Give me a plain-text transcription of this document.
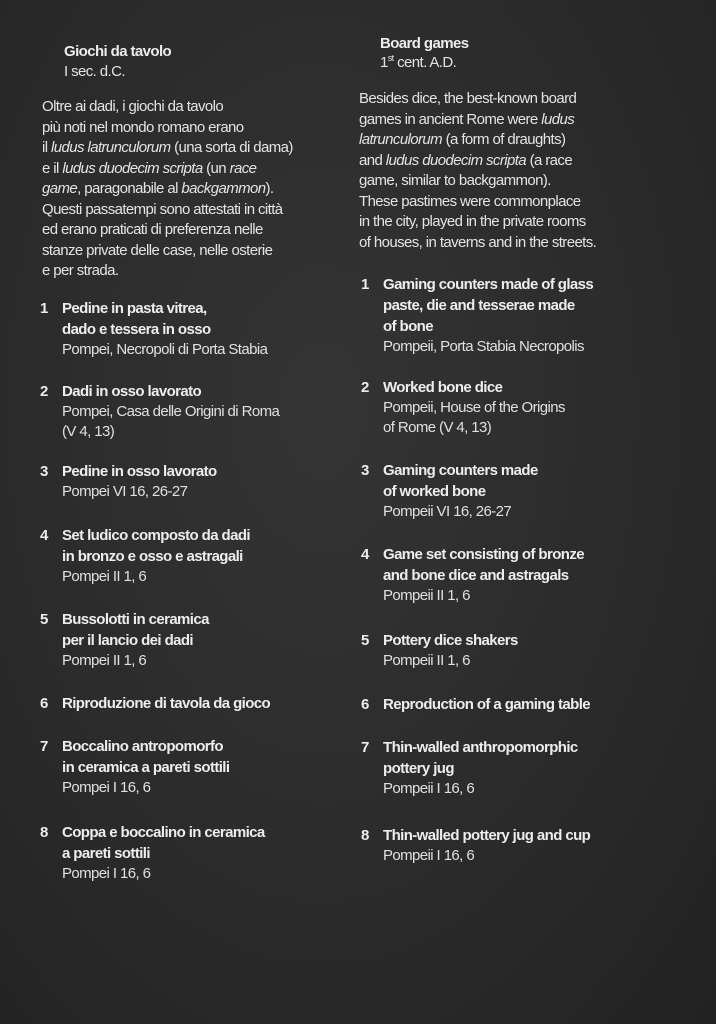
Giochi da tavolo
I sec. d.C.
Oltre ai dadi, i giochi da tavolo
più noti nel mondo romano erano
il ludus latrunculorum (una sorta di dama)
e il ludus duodecim scripta (un race
game, paragonabile al backgammon).
Questi passatempi sono attestati in città
ed erano praticati di preferenza nelle
stanze private delle case, nelle osterie
e per strada.
1 Pedine in pasta vitrea,
dado e tessera in osso
Pompei, Necropoli di Porta Stabia
2 Dadi in osso lavorato
Pompei, Casa delle Origini di Roma
(V 4, 13)
3 Pedine in osso lavorato
Pompei VI 16, 26-27
4 Set ludico composto da dadi
in bronzo e osso e astragali
Pompei II 1, 6
5 Bussolotti in ceramica
per il lancio dei dadi
Pompei II 1, 6
6 Riproduzione di tavola da gioco
7 Boccalino antropomorfo
in ceramica a pareti sottili
Pompei I 16, 6
8 Coppa e boccalino in ceramica
a pareti sottili
Pompei I 16, 6
Board games
1st cent. A.D.
Besides dice, the best-known board
games in ancient Rome were ludus
latrunculorum (a form of draughts)
and ludus duodecim scripta (a race
game, similar to backgammon).
These pastimes were commonplace
in the city, played in the private rooms
of houses, in taverns and in the streets.
1 Gaming counters made of glass
paste, die and tesserae made
of bone
Pompeii, Porta Stabia Necropolis
2 Worked bone dice
Pompeii, House of the Origins
of Rome (V 4, 13)
3 Gaming counters made
of worked bone
Pompeii VI 16, 26-27
4 Game set consisting of bronze
and bone dice and astragals
Pompeii II 1, 6
5 Pottery dice shakers
Pompeii II 1, 6
6 Reproduction of a gaming table
7 Thin-walled anthropomorphic
pottery jug
Pompeii I 16, 6
8 Thin-walled pottery jug and cup
Pompeii I 16, 6
